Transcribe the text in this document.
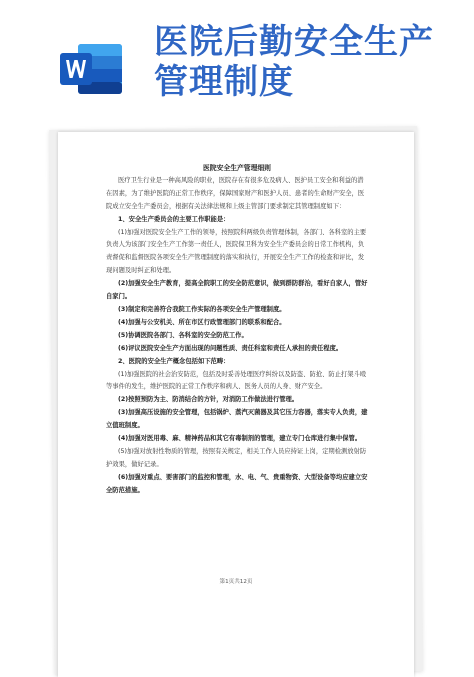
医院后勤安全生产
管理制度
医院安全生产管理细则
医疗卫生行业是一种高风险的职业，医院存在有很多危及病人、医护员工安全和利益的潜在因素，为了维护医院的正常工作秩序，保障国家财产和医护人员、患者的生命财产安全，医院成立安全生产委员会，根据有关法律法规和上级主管部门要求制定其管理制度如下：
1、安全生产委员会的主要工作职能是：
(1)加强对医院安全生产工作的领导，按照院科两级负责管理体制，各部门、各科室的主要负责人为该部门安全生产工作第一责任人，医院保卫科为安全生产委员会的日常工作机构，负责督促和监督医院各项安全生产管理制度的落实和执行，开展安全生产工作的检查和评比，发现问题及时纠正和处理。
(2)加强安全生产教育，提高全院职工的安全防范意识，做到群防群治，看好自家人，管好自家门。
(3)制定和完善符合我院工作实际的各项安全生产管理制度。
(4)加强与公安机关、所在市区行政管理部门的联系和配合。
(5)协调医院各部门、各科室的安全防范工作。
(6)评议医院安全生产方面出现的问题性质、责任科室和责任人承担的责任程度。
2、医院的安全生产概念包括如下范畴：
(1)加强医院的社会治安防范，包括及时妥善处理医疗纠纷以及防盗、防抢、防止打架斗殴等事件的发生，维护医院的正常工作秩序和病人、医务人员的人身、财产安全。
(2)按照预防为主、防消结合的方针，对消防工作做法进行管理。
(3)加强高压设施的安全管理，包括锅炉、蒸汽灭菌器及其它压力容器，落实专人负责，建立值班制度。
(4)加强对医用毒、麻、精神药品和其它有毒制剂的管理，建立专门仓库进行集中保管。
(5)加强对放射性物质的管理，按照有关规定，相关工作人员应持证上岗，定期检测放射防护效果，做好记录。
(6)加强对重点、要害部门的监控和管理，水、电、气、贵重物资、大型设备等均应建立安全防范措施。
第1页共12页
